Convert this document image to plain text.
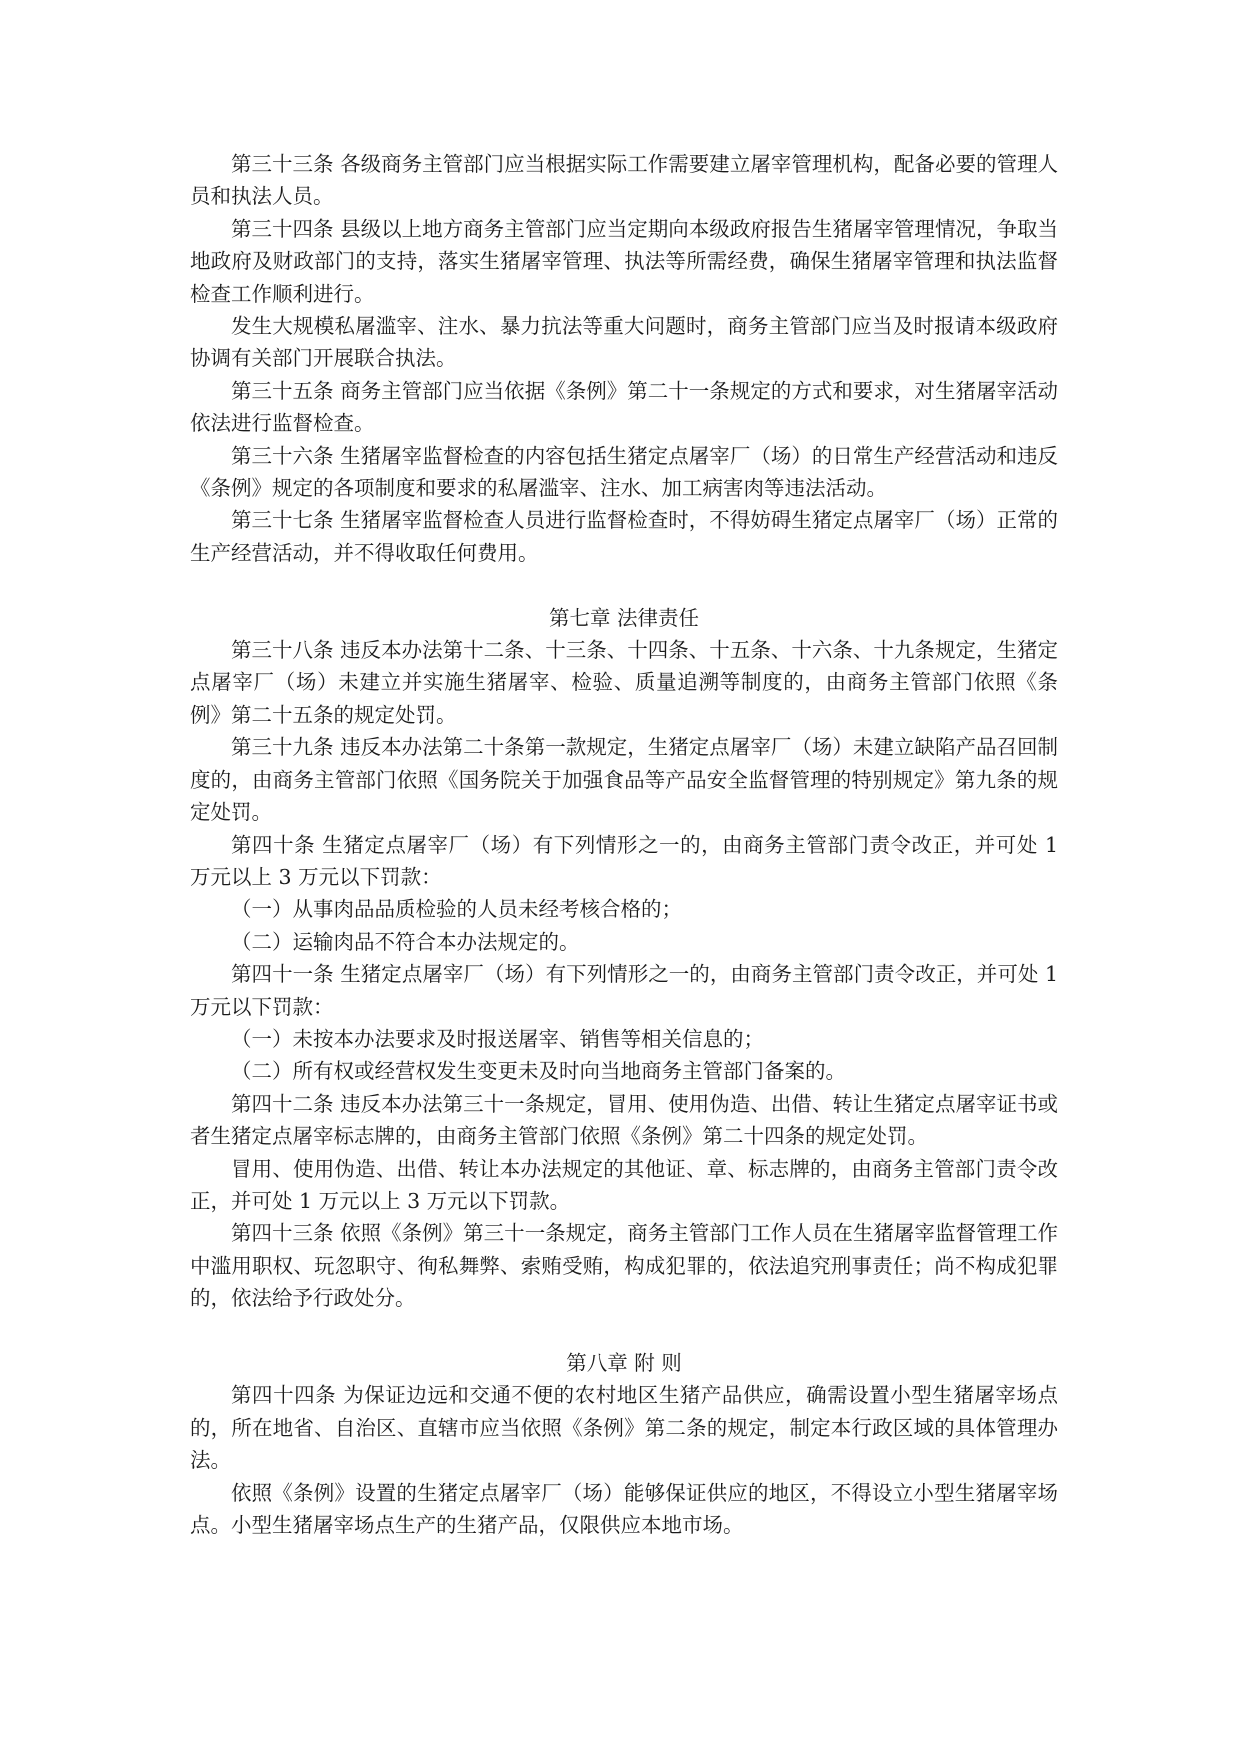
第三十三条 各级商务主管部门应当根据实际工作需要建立屠宰管理机构，配备必要的管理人员和执法人员。

第三十四条 县级以上地方商务主管部门应当定期向本级政府报告生猪屠宰管理情况，争取当地政府及财政部门的支持，落实生猪屠宰管理、执法等所需经费，确保生猪屠宰管理和执法监督检查工作顺利进行。

发生大规模私屠滥宰、注水、暴力抗法等重大问题时，商务主管部门应当及时报请本级政府协调有关部门开展联合执法。

第三十五条 商务主管部门应当依据《条例》第二十一条规定的方式和要求，对生猪屠宰活动依法进行监督检查。

第三十六条 生猪屠宰监督检查的内容包括生猪定点屠宰厂（场）的日常生产经营活动和违反《条例》规定的各项制度和要求的私屠滥宰、注水、加工病害肉等违法活动。

第三十七条 生猪屠宰监督检查人员进行监督检查时，不得妨碍生猪定点屠宰厂（场）正常的生产经营活动，并不得收取任何费用。

第七章 法律责任

第三十八条 违反本办法第十二条、十三条、十四条、十五条、十六条、十九条规定，生猪定点屠宰厂（场）未建立并实施生猪屠宰、检验、质量追溯等制度的，由商务主管部门依照《条例》第二十五条的规定处罚。

第三十九条 违反本办法第二十条第一款规定，生猪定点屠宰厂（场）未建立缺陷产品召回制度的，由商务主管部门依照《国务院关于加强食品等产品安全监督管理的特别规定》第九条的规定处罚。

第四十条 生猪定点屠宰厂（场）有下列情形之一的，由商务主管部门责令改正，并可处 1 万元以上 3 万元以下罚款：

（一）从事肉品品质检验的人员未经考核合格的；

（二）运输肉品不符合本办法规定的。

第四十一条 生猪定点屠宰厂（场）有下列情形之一的，由商务主管部门责令改正，并可处 1 万元以下罚款：

（一）未按本办法要求及时报送屠宰、销售等相关信息的；

（二）所有权或经营权发生变更未及时向当地商务主管部门备案的。

第四十二条 违反本办法第三十一条规定，冒用、使用伪造、出借、转让生猪定点屠宰证书或者生猪定点屠宰标志牌的，由商务主管部门依照《条例》第二十四条的规定处罚。

冒用、使用伪造、出借、转让本办法规定的其他证、章、标志牌的，由商务主管部门责令改正，并可处 1 万元以上 3 万元以下罚款。

第四十三条 依照《条例》第三十一条规定，商务主管部门工作人员在生猪屠宰监督管理工作中滥用职权、玩忽职守、徇私舞弊、索贿受贿，构成犯罪的，依法追究刑事责任；尚不构成犯罪的，依法给予行政处分。

第八章 附 则

第四十四条 为保证边远和交通不便的农村地区生猪产品供应，确需设置小型生猪屠宰场点的，所在地省、自治区、直辖市应当依照《条例》第二条的规定，制定本行政区域的具体管理办法。

依照《条例》设置的生猪定点屠宰厂（场）能够保证供应的地区，不得设立小型生猪屠宰场点。小型生猪屠宰场点生产的生猪产品，仅限供应本地市场。
